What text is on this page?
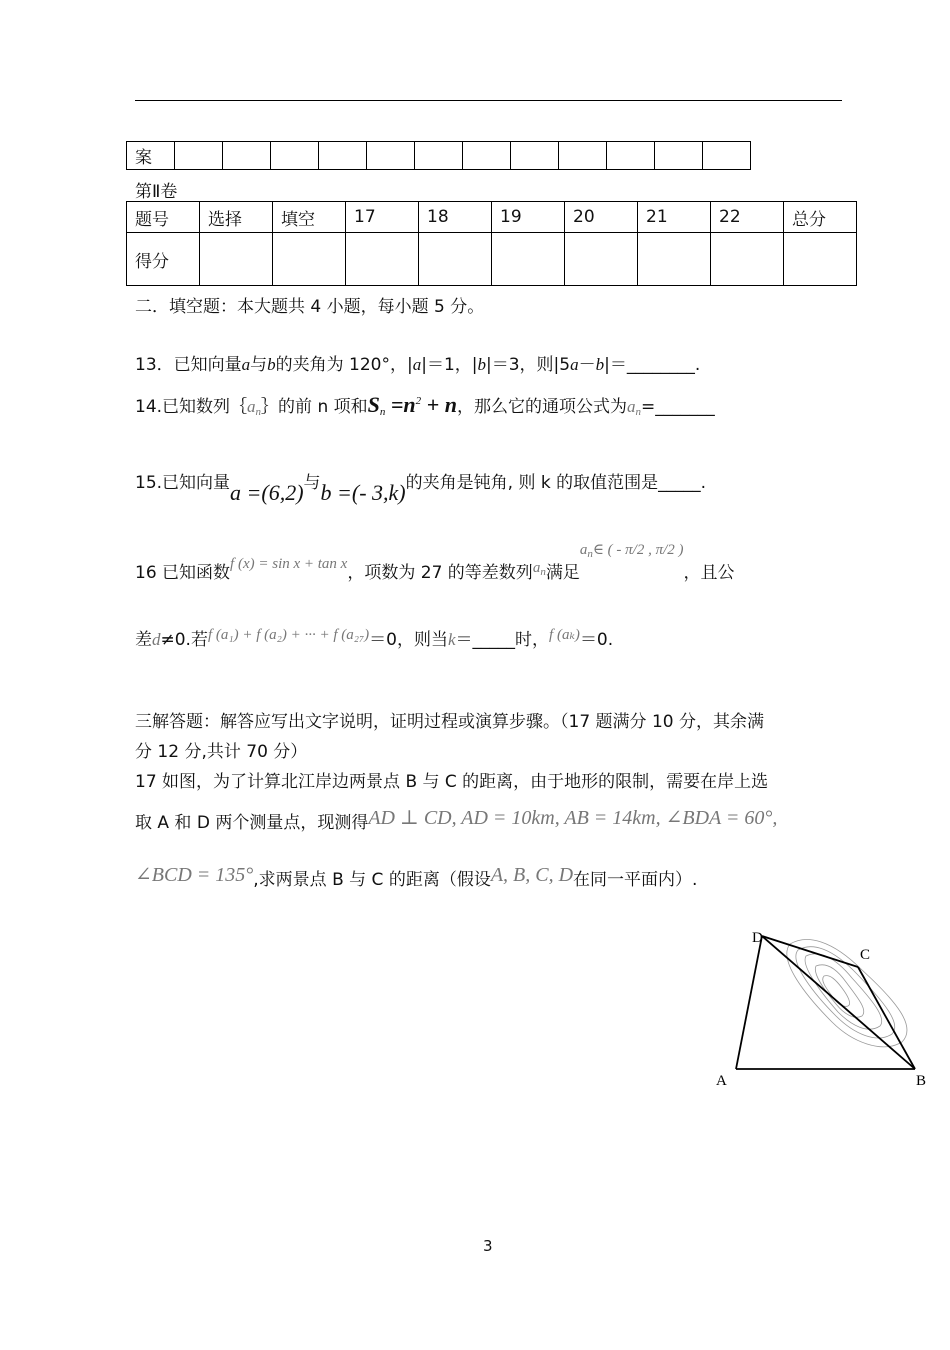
案												
第Ⅱ卷
题号	选择	填空	17	18	19	20	21	22	总分
得分									
二．填空题：本大题共 4 小题，每小题 5 分。
13．已知向量a与b的夹角为 120°，|a|＝1，|b|＝3，则|5a－b|＝________.
14.已知数列$\{a_n\}$的前 n 项和$S_n =n^2 + n$，那么它的通项公式为$a_n=\_\_\_\_\_\_\_$
15.已知向量a =(6,2)与b =(- 3,k)的夹角是钝角, 则 k 的取值范围是_____.
16 已知函数f (x) = sin x + tan x，项数为 27 的等差数列$a_n$满足$a^n\in$ ( - π/2 , π/2 )，且公
差d≠0.若f (a₁) + f (a₂) + ··· + f (a₂₇)＝0，则当k＝_____时，f (aₖ)＝0.
三解答题：解答应写出文字说明，证明过程或演算步骤。（17 题满分 10 分，其余满
分 12 分,共计 70 分）
17 如图，为了计算北江岸边两景点 B 与 C 的距离，由于地形的限制，需要在岸上选
取 A 和 D 两个测量点，现测得AD ⊥ CD, AD = 10km, AB = 14km, ∠BDA = 60°,
∠BCD = 135°,求两景点 B 与 C 的距离（假设A, B, C, D在同一平面内）.
D
C
A	B
3
